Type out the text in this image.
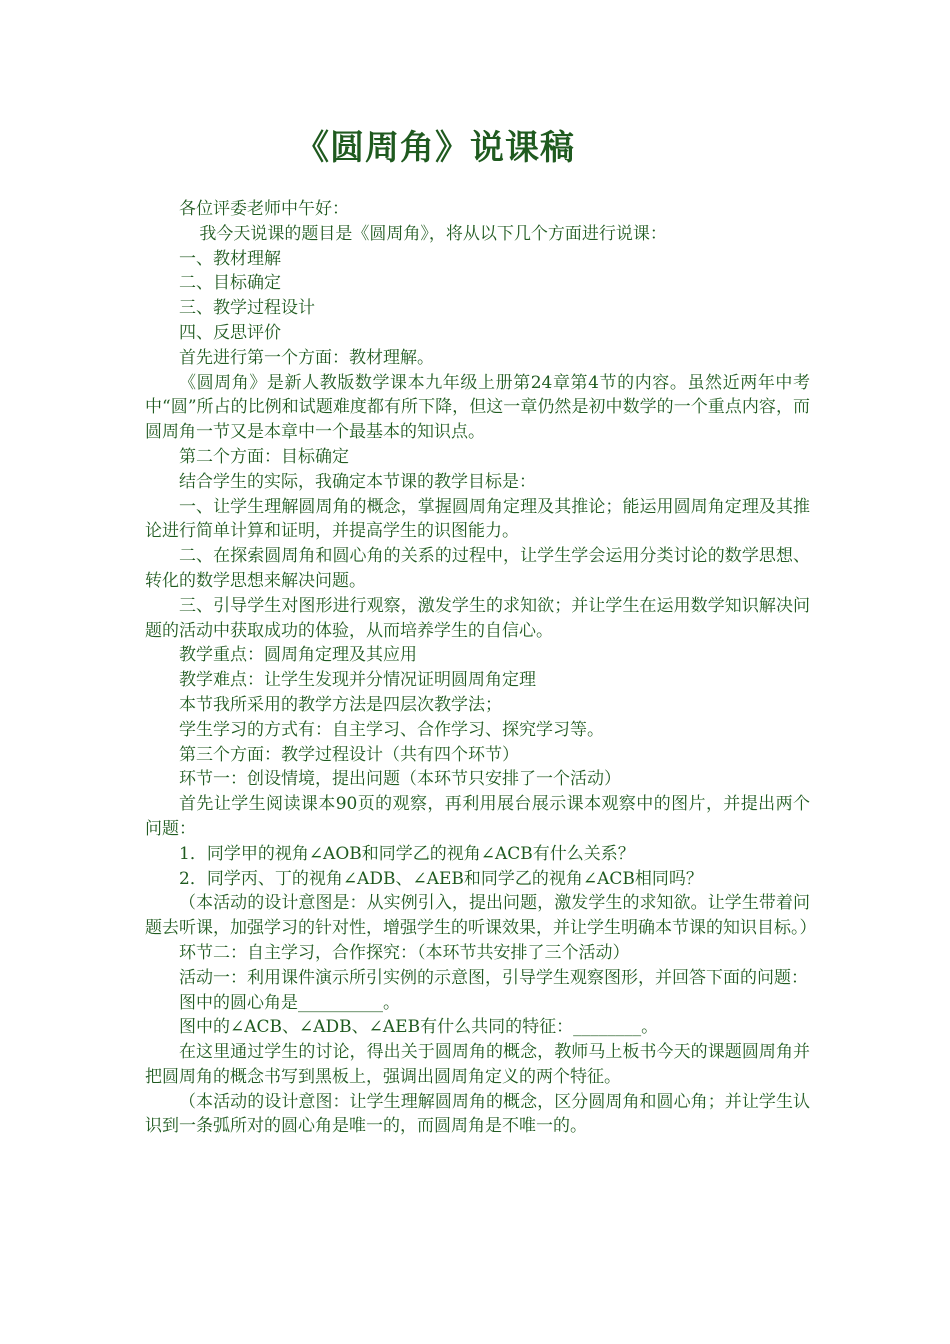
《圆周角》说课稿

各位评委老师中午好：

我今天说课的题目是《圆周角》，将从以下几个方面进行说课：

一、教材理解

二、目标确定

三、教学过程设计

四、反思评价

首先进行第一个方面：教材理解。

《圆周角》是新人教版数学课本九年级上册第24章第4节的内容。虽然近两年中考中“圆”所占的比例和试题难度都有所下降，但这一章仍然是初中数学的一个重点内容，而圆周角一节又是本章中一个最基本的知识点。

第二个方面：目标确定

结合学生的实际，我确定本节课的教学目标是：

一、让学生理解圆周角的概念，掌握圆周角定理及其推论；能运用圆周角定理及其推论进行简单计算和证明，并提高学生的识图能力。

二、在探索圆周角和圆心角的关系的过程中，让学生学会运用分类讨论的数学思想、转化的数学思想来解决问题。

三、引导学生对图形进行观察，激发学生的求知欲；并让学生在运用数学知识解决问题的活动中获取成功的体验，从而培养学生的自信心。

教学重点：圆周角定理及其应用

教学难点：让学生发现并分情况证明圆周角定理

本节我所采用的教学方法是四层次教学法；

学生学习的方式有：自主学习、合作学习、探究学习等。

第三个方面：教学过程设计（共有四个环节）

环节一：创设情境，提出问题（本环节只安排了一个活动）

首先让学生阅读课本90页的观察，再利用展台展示课本观察中的图片，并提出两个问题：

1．同学甲的视角∠AOB和同学乙的视角∠ACB有什么关系？

2．同学丙、丁的视角∠ADB、∠AEB和同学乙的视角∠ACB相同吗？

（本活动的设计意图是：从实例引入，提出问题，激发学生的求知欲。让学生带着问题去听课，加强学习的针对性，增强学生的听课效果，并让学生明确本节课的知识目标。）

环节二：自主学习，合作探究：（本环节共安排了三个活动）

活动一：利用课件演示所引实例的示意图，引导学生观察图形，并回答下面的问题：

图中的圆心角是__________。

图中的∠ACB、∠ADB、∠AEB有什么共同的特征：________。

在这里通过学生的讨论，得出关于圆周角的概念，教师马上板书今天的课题圆周角并把圆周角的概念书写到黑板上，强调出圆周角定义的两个特征。

（本活动的设计意图：让学生理解圆周角的概念，区分圆周角和圆心角；并让学生认识到一条弧所对的圆心角是唯一的，而圆周角是不唯一的。
